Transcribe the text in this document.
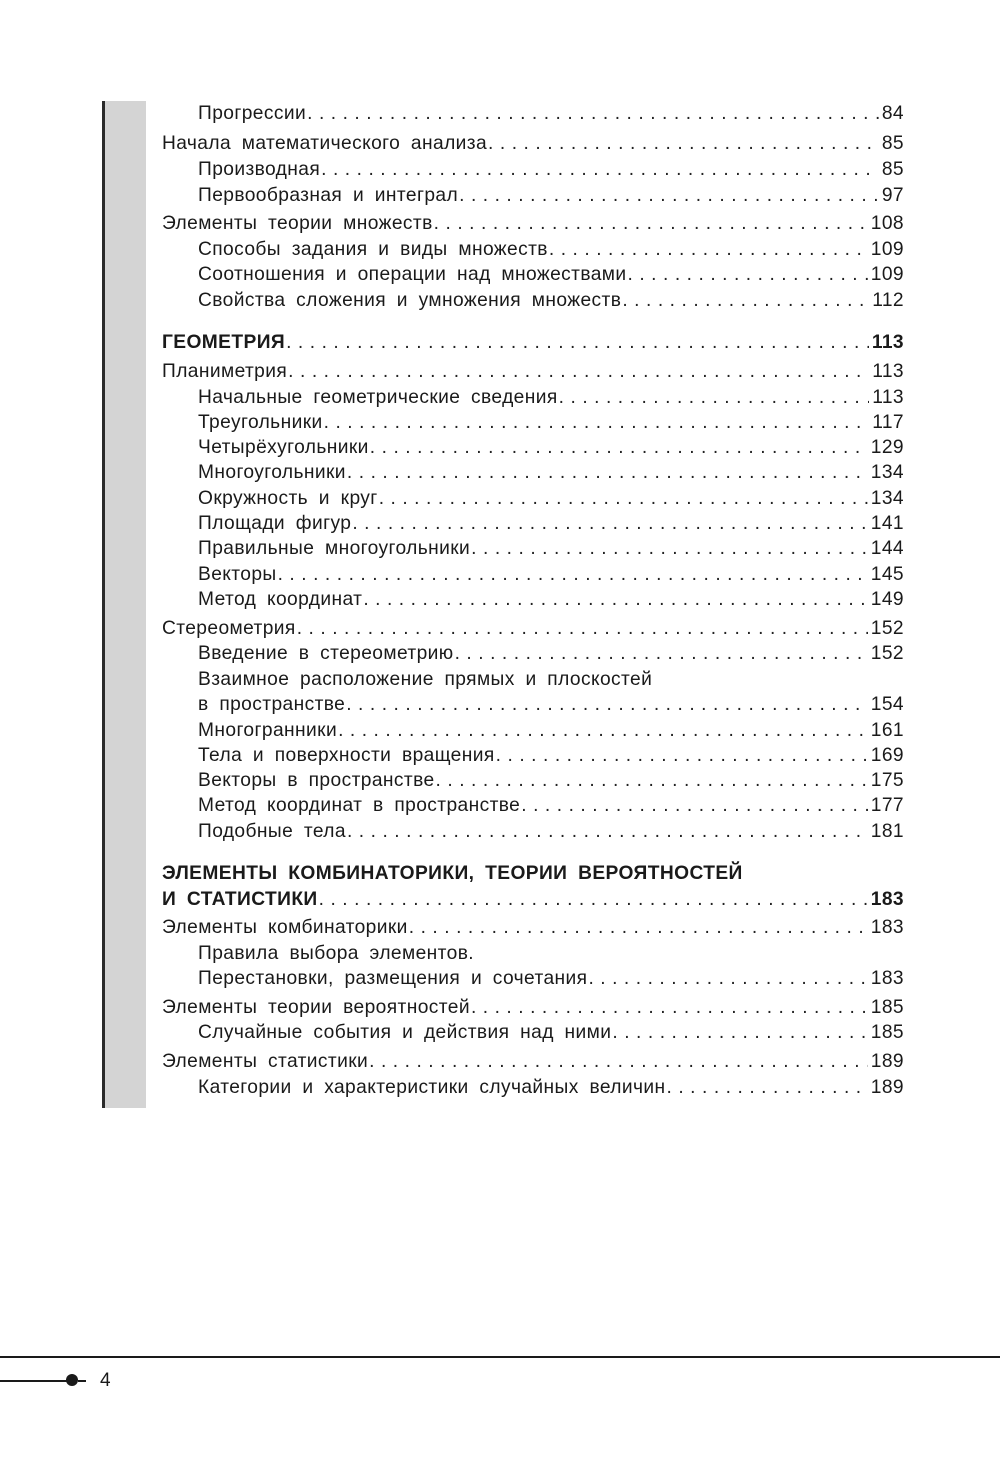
Прогрессии .....	84
Начала математического анализа .....	85
Производная .....	85
Первообразная и интеграл .....	97
Элементы теории множеств .....	108
Способы задания и виды множеств .....	109
Соотношения и операции над множествами .....	109
Свойства сложения и умножения множеств .....	112
ГЕОМЕТРИЯ .....	113
Планиметрия .....	113
Начальные геометрические сведения .....	113
Треугольники .....	117
Четырёхугольники .....	129
Многоугольники .....	134
Окружность и круг .....	134
Площади фигур .....	141
Правильные многоугольники .....	144
Векторы .....	145
Метод координат .....	149
Стереометрия .....	152
Введение в стереометрию .....	152
Взаимное расположение прямых и плоскостей
в пространстве .....	154
Многогранники .....	161
Тела и поверхности вращения .....	169
Векторы в пространстве .....	175
Метод координат в пространстве .....	177
Подобные тела .....	181
ЭЛЕМЕНТЫ КОМБИНАТОРИКИ, ТЕОРИИ ВЕРОЯТНОСТЕЙ
И СТАТИСТИКИ .....	183
Элементы комбинаторики .....	183
Правила выбора элементов.
Перестановки, размещения и сочетания .....	183
Элементы теории вероятностей .....	185
Случайные события и действия над ними .....	185
Элементы статистики .....	189
Категории и характеристики случайных величин .....	189
4
